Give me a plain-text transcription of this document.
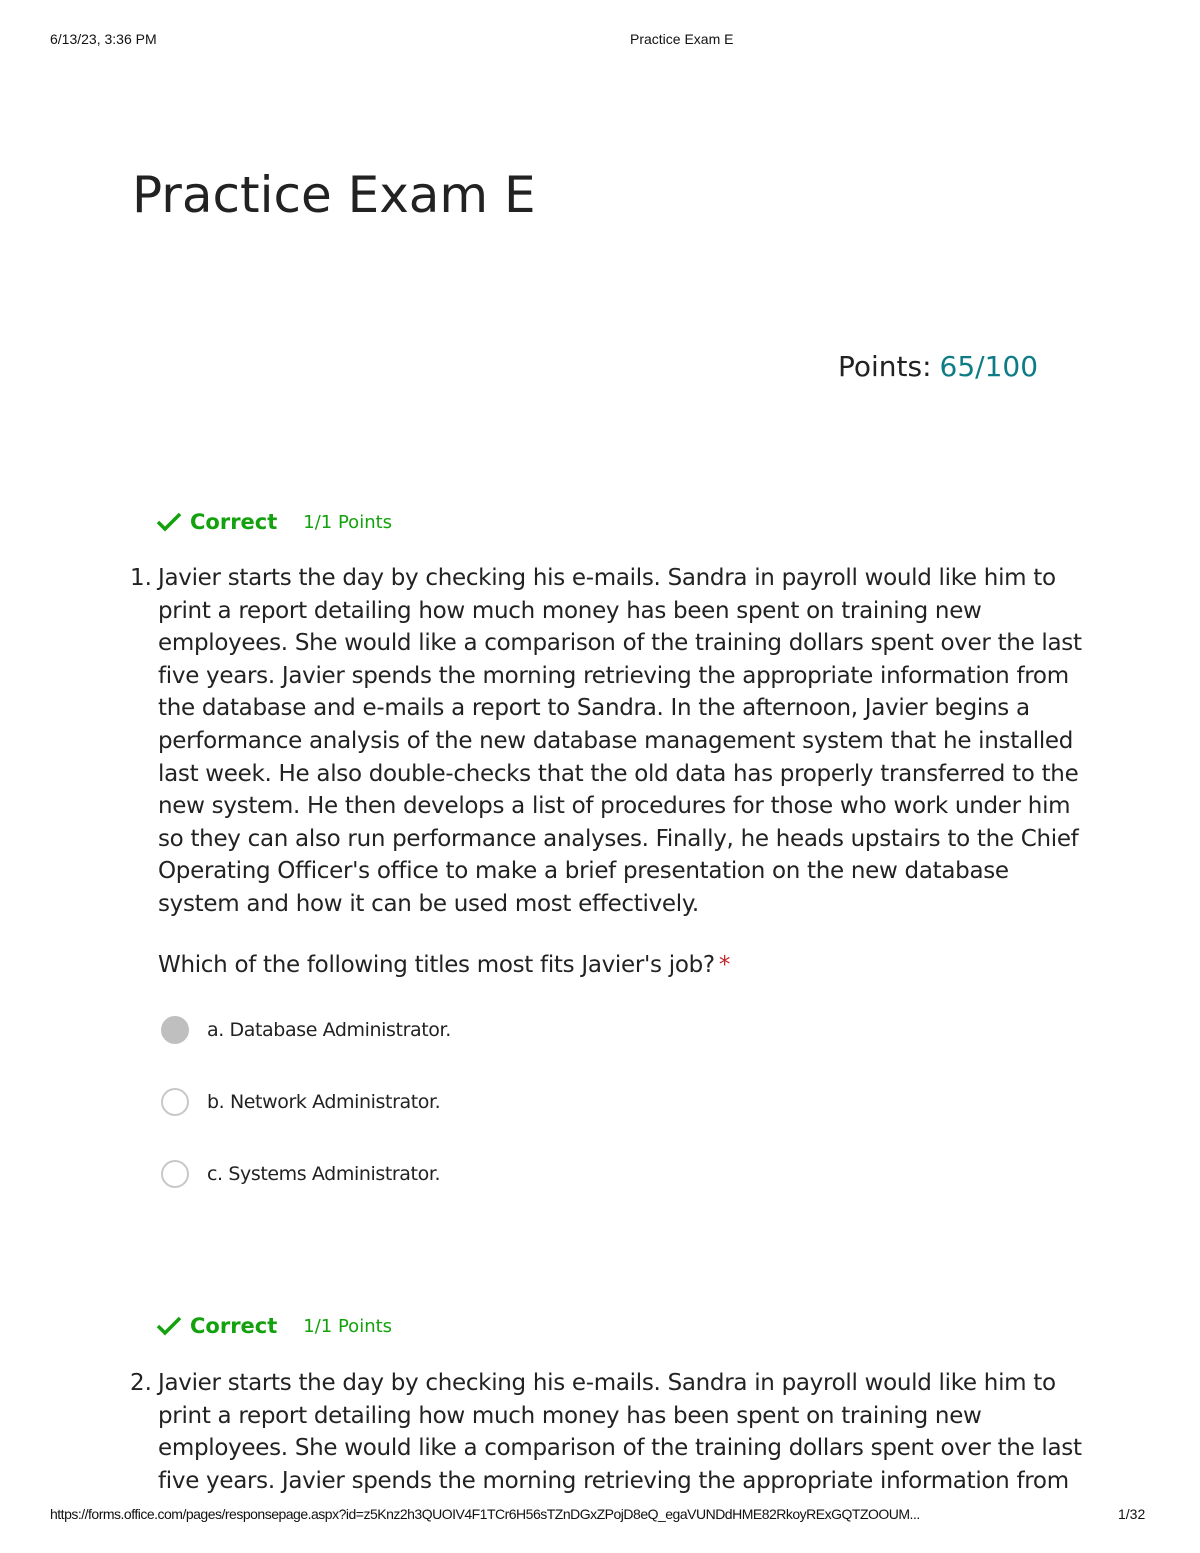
6/13/23, 3:36 PM	Practice Exam E
Practice Exam E
Points: 65/100
Correct 1/1 Points
1. Javier starts the day by checking his e-mails. Sandra in payroll would like him to
print a report detailing how much money has been spent on training new
employees. She would like a comparison of the training dollars spent over the last
five years. Javier spends the morning retrieving the appropriate information from
the database and e-mails a report to Sandra. In the afternoon, Javier begins a
performance analysis of the new database management system that he installed
last week. He also double-checks that the old data has properly transferred to the
new system. He then develops a list of procedures for those who work under him
so they can also run performance analyses. Finally, he heads upstairs to the Chief
Operating Officer's office to make a brief presentation on the new database
system and how it can be used most effectively.
Which of the following titles most fits Javier's job? *
a. Database Administrator.
b. Network Administrator.
c. Systems Administrator.
Correct 1/1 Points
2. Javier starts the day by checking his e-mails. Sandra in payroll would like him to
print a report detailing how much money has been spent on training new
employees. She would like a comparison of the training dollars spent over the last
five years. Javier spends the morning retrieving the appropriate information from
https://forms.office.com/pages/responsepage.aspx?id=z5Knz2h3QUOIV4F1TCr6H56sTZnDGxZPojD8eQ_egaVUNDdHME82RkoyRExGQTZOOUM...	1/32
